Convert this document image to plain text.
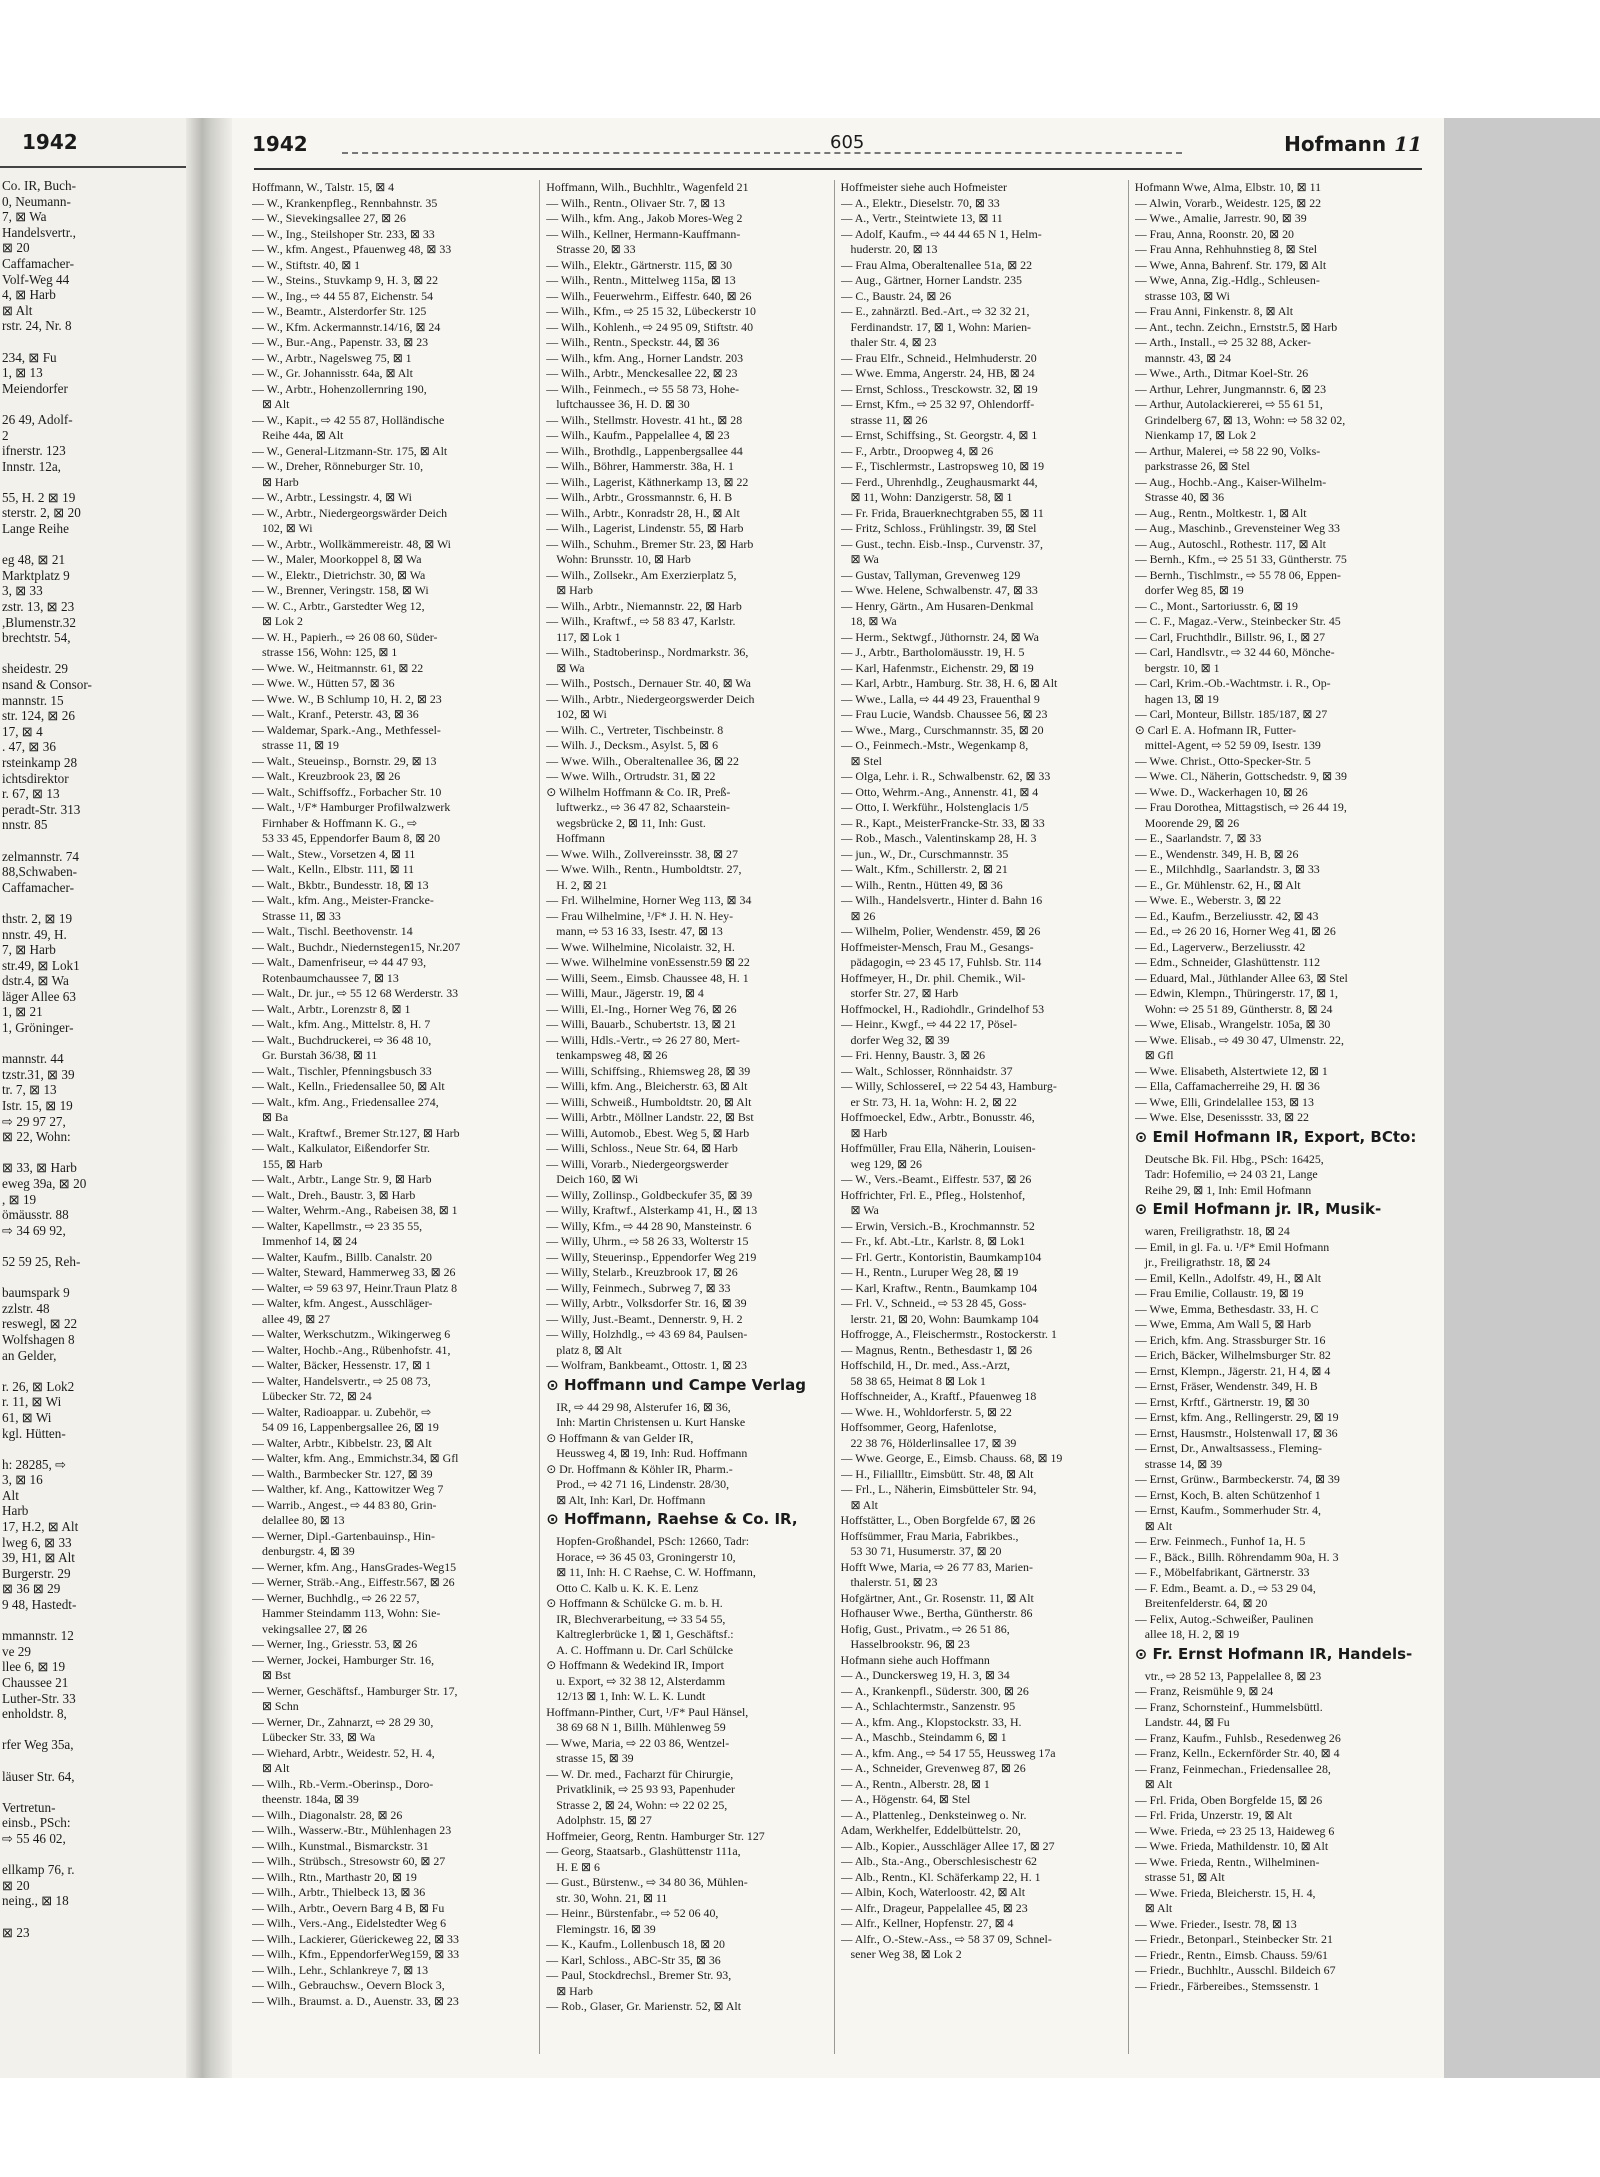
1942
Co. IR, Buch-
0, Neumann-
7, ⊠ Wa
Handelsvertr.,
⊠ 20
Caffamacher-
Volf-Weg 44
4, ⊠ Harb
⊠ Alt
rstr. 24, Nr. 8
234, ⊠ Fu
1, ⊠ 13
Meiendorfer
26 49, Adolf-
2
ifnerstr. 123
Innstr. 12a,
55, H. 2 ⊠ 19
sterstr. 2, ⊠ 20
Lange Reihe
eg 48, ⊠ 21
Marktplatz 9
3, ⊠ 33
zstr. 13, ⊠ 23
,Blumenstr.32
brechtstr. 54,
sheidestr. 29
nsand & Consor-
mannstr. 15
str. 124, ⊠ 26
17, ⊠ 4
. 47, ⊠ 36
rsteinkamp 28
ichtsdirektor
r. 67, ⊠ 13
peradt-Str. 313
nnstr. 85
zelmannstr. 74
88,Schwaben-
Caffamacher-
thstr. 2, ⊠ 19
nnstr. 49, H.
7, ⊠ Harb
str.49, ⊠ Lok1
dstr.4, ⊠ Wa
läger Allee 63
1, ⊠ 21
1, Gröninger-
mannstr. 44
tzstr.31, ⊠ 39
tr. 7, ⊠ 13
Istr. 15, ⊠ 19
⇨ 29 97 27,
⊠ 22, Wohn:
⊠ 33, ⊠ Harb
eweg 39a, ⊠ 20
, ⊠ 19
ömäusstr. 88
⇨ 34 69 92,
52 59 25, Reh-
baumspark 9
zzlstr. 48
reswegl, ⊠ 22
Wolfshagen 8
an Gelder,
r. 26, ⊠ Lok2
r. 11, ⊠ Wi
61, ⊠ Wi
kgl. Hütten-
h: 28285, ⇨
3, ⊠ 16
Alt
Harb
17, H.2, ⊠ Alt
lweg 6, ⊠ 33
39, H1, ⊠ Alt
Burgerstr. 29
⊠ 36 ⊠ 29
9 48, Hastedt-
mmannstr. 12
ve 29
llee 6, ⊠ 19
Chaussee 21
Luther-Str. 33
enholdstr. 8,
rfer Weg 35a,
läuser Str. 64,
Vertretun-
einsb., PSch:
⇨ 55 46 02,
ellkamp 76, r.
⊠ 20
neing., ⊠ 18
⊠ 23
1942	605	Hofmann 11
Hoffmann, W., Talstr. 15, ⊠ 4
— W., Krankenpfleg., Rennbahnstr. 35
— W., Sievekingsallee 27, ⊠ 26
— W., Ing., Steilshoper Str. 233, ⊠ 33
— W., kfm. Angest., Pfauenweg 48, ⊠ 33
— W., Stiftstr. 40, ⊠ 1
— W., Steins., Stuvkamp 9, H. 3, ⊠ 22
— W., Ing., ⇨ 44 55 87, Eichenstr. 54
— W., Beamtr., Alsterdorfer Str. 125
— W., Kfm. Ackermannstr.14/16, ⊠ 24
— W., Bur.-Ang., Papenstr. 33, ⊠ 23
— W., Arbtr., Nagelsweg 75, ⊠ 1
— W., Gr. Johannisstr. 64a, ⊠ Alt
— W., Arbtr., Hohenzollernring 190,
⊠ Alt
— W., Kapit., ⇨ 42 55 87, Holländische
Reihe 44a, ⊠ Alt
— W., General-Litzmann-Str. 175, ⊠ Alt
— W., Dreher, Rönneburger Str. 10,
⊠ Harb
— W., Arbtr., Lessingstr. 4, ⊠ Wi
— W., Arbtr., Niedergeorgswärder Deich
102, ⊠ Wi
— W., Arbtr., Wollkämmereistr. 48, ⊠ Wi
— W., Maler, Moorkoppel 8, ⊠ Wa
— W., Elektr., Dietrichstr. 30, ⊠ Wa
— W., Brenner, Veringstr. 158, ⊠ Wi
— W. C., Arbtr., Garstedter Weg 12,
⊠ Lok 2
— W. H., Papierh., ⇨ 26 08 60, Süder-
strasse 156, Wohn: 125, ⊠ 1
— Wwe. W., Heitmannstr. 61, ⊠ 22
— Wwe. W., Hütten 57, ⊠ 36
— Wwe. W., B Schlump 10, H. 2, ⊠ 23
— Walt., Kranf., Peterstr. 43, ⊠ 36
— Waldemar, Spark.-Ang., Methfessel-
strasse 11, ⊠ 19
— Walt., Steueinsp., Bornstr. 29, ⊠ 13
— Walt., Kreuzbrook 23, ⊠ 26
— Walt., Schiffsoffz., Forbacher Str. 10
— Walt., ¹/F* Hamburger Profilwalzwerk
Firnhaber & Hoffmann K. G., ⇨
53 33 45, Eppendorfer Baum 8, ⊠ 20
— Walt., Stew., Vorsetzen 4, ⊠ 11
— Walt., Kelln., Elbstr. 111, ⊠ 11
— Walt., Bkbtr., Bundesstr. 18, ⊠ 13
— Walt., kfm. Ang., Meister-Francke-
Strasse 11, ⊠ 33
— Walt., Tischl. Beethovenstr. 14
— Walt., Buchdr., Niedernstegen15, Nr.207
— Walt., Damenfriseur, ⇨ 44 47 93,
Rotenbaumchaussee 7, ⊠ 13
— Walt., Dr. jur., ⇨ 55 12 68 Werderstr. 33
— Walt., Arbtr., Lorenzstr 8, ⊠ 1
— Walt., kfm. Ang., Mittelstr. 8, H. 7
— Walt., Buchdruckerei, ⇨ 36 48 10,
Gr. Burstah 36/38, ⊠ 11
— Walt., Tischler, Pfenningsbusch 33
— Walt., Kelln., Friedensallee 50, ⊠ Alt
— Walt., kfm. Ang., Friedensallee 274,
⊠ Ba
— Walt., Kraftwf., Bremer Str.127, ⊠ Harb
— Walt., Kalkulator, Eißendorfer Str.
155, ⊠ Harb
— Walt., Arbtr., Lange Str. 9, ⊠ Harb
— Walt., Dreh., Baustr. 3, ⊠ Harb
— Walter, Wehrm.-Ang., Rabeisen 38, ⊠ 1
— Walter, Kapellmstr., ⇨ 23 35 55,
Immenhof 14, ⊠ 24
— Walter, Kaufm., Billb. Canalstr. 20
— Walter, Steward, Hammerweg 33, ⊠ 26
— Walter, ⇨ 59 63 97, Heinr.Traun Platz 8
— Walter, kfm. Angest., Ausschläger-
allee 49, ⊠ 27
— Walter, Werkschutzm., Wikingerweg 6
— Walter, Hochb.-Ang., Rübenhofstr. 41,
— Walter, Bäcker, Hessenstr. 17, ⊠ 1
— Walter, Handelsvertr., ⇨ 25 08 73,
Lübecker Str. 72, ⊠ 24
— Walter, Radioappar. u. Zubehör, ⇨
54 09 16, Lappenbergsallee 26, ⊠ 19
— Walter, Arbtr., Kibbelstr. 23, ⊠ Alt
— Walter, kfm. Ang., Emmichstr.34, ⊠ Gfl
— Walth., Barmbecker Str. 127, ⊠ 39
— Walther, kf. Ang., Kattowitzer Weg 7
— Warrib., Angest., ⇨ 44 83 80, Grin-
delallee 80, ⊠ 13
— Werner, Dipl.-Gartenbauinsp., Hin-
denburgstr. 4, ⊠ 39
— Werner, kfm. Ang., HansGrades-Weg15
— Werner, Sträb.-Ang., Eiffestr.567, ⊠ 26
— Werner, Buchhdlg., ⇨ 26 22 57,
Hammer Steindamm 113, Wohn: Sie-
vekingsallee 27, ⊠ 26
— Werner, Ing., Griesstr. 53, ⊠ 26
— Werner, Jockei, Hamburger Str. 16,
⊠ Bst
— Werner, Geschäftsf., Hamburger Str. 17,
⊠ Schn
— Werner, Dr., Zahnarzt, ⇨ 28 29 30,
Lübecker Str. 33, ⊠ Wa
— Wiehard, Arbtr., Weidestr. 52, H. 4,
⊠ Alt
— Wilh., Rb.-Verm.-Oberinsp., Doro-
theenstr. 184a, ⊠ 39
— Wilh., Diagonalstr. 28, ⊠ 26
— Wilh., Wasserw.-Btr., Mühlenhagen 23
— Wilh., Kunstmal., Bismarckstr. 31
— Wilh., Strübsch., Stresowstr 60, ⊠ 27
— Wilh., Rtn., Marthastr 20, ⊠ 19
— Wilh., Arbtr., Thielbeck 13, ⊠ 36
— Wilh., Arbtr., Oevern Barg 4 B, ⊠ Fu
— Wilh., Vers.-Ang., Eidelstedter Weg 6
— Wilh., Lackierer, Güerickeweg 22, ⊠ 33
— Wilh., Kfm., EppendorferWeg159, ⊠ 33
— Wilh., Lehr., Schlankreye 7, ⊠ 13
— Wilh., Gebrauchsw., Oevern Block 3,
— Wilh., Braumst. a. D., Auenstr. 33, ⊠ 23
Hoffmann, Wilh., Buchhltr., Wagenfeld 21
— Wilh., Rentn., Olivaer Str. 7, ⊠ 13
— Wilh., kfm. Ang., Jakob Mores-Weg 2
— Wilh., Kellner, Hermann-Kauffmann-
Strasse 20, ⊠ 33
— Wilh., Elektr., Gärtnerstr. 115, ⊠ 30
— Wilh., Rentn., Mittelweg 115a, ⊠ 13
— Wilh., Feuerwehrm., Eiffestr. 640, ⊠ 26
— Wilh., Kfm., ⇨ 25 15 32, Lübeckerstr 10
— Wilh., Kohlenh., ⇨ 24 95 09, Stiftstr. 40
— Wilh., Rentn., Speckstr. 44, ⊠ 36
— Wilh., kfm. Ang., Horner Landstr. 203
— Wilh., Arbtr., Menckesallee 22, ⊠ 23
— Wilh., Feinmech., ⇨ 55 58 73, Hohe-
luftchaussee 36, H. D. ⊠ 30
— Wilh., Stellmstr. Hovestr. 41 ht., ⊠ 28
— Wilh., Kaufm., Pappelallee 4, ⊠ 23
— Wilh., Brothdlg., Lappenbergsallee 44
— Wilh., Böhrer, Hammerstr. 38a, H. 1
— Wilh., Lagerist, Käthnerkamp 13, ⊠ 22
— Wilh., Arbtr., Grossmannstr. 6, H. B
— Wilh., Arbtr., Konradstr 28, H., ⊠ Alt
— Wilh., Lagerist, Lindenstr. 55, ⊠ Harb
— Wilh., Schuhm., Bremer Str. 23, ⊠ Harb
Wohn: Brunsstr. 10, ⊠ Harb
— Wilh., Zollsekr., Am Exerzierplatz 5,
⊠ Harb
— Wilh., Arbtr., Niemannstr. 22, ⊠ Harb
— Wilh., Kraftwf., ⇨ 58 83 47, Karlstr.
117, ⊠ Lok 1
— Wilh., Stadtoberinsp., Nordmarkstr. 36,
⊠ Wa
— Wilh., Postsch., Dernauer Str. 40, ⊠ Wa
— Wilh., Arbtr., Niedergeorgswerder Deich
102, ⊠ Wi
— Wilh. C., Vertreter, Tischbeinstr. 8
— Wilh. J., Decksm., Asylst. 5, ⊠ 6
— Wwe. Wilh., Oberaltenallee 36, ⊠ 22
— Wwe. Wilh., Ortrudstr. 31, ⊠ 22
⊙ Wilhelm Hoffmann & Co. IR, Preß-
luftwerkz., ⇨ 36 47 82, Schaarstein-
wegsbrücke 2, ⊠ 11, Inh: Gust.
Hoffmann
— Wwe. Wilh., Zollvereinsstr. 38, ⊠ 27
— Wwe. Wilh., Rentn., Humboldtstr. 27,
H. 2, ⊠ 21
— Frl. Wilhelmine, Horner Weg 113, ⊠ 34
— Frau Wilhelmine, ¹/F* J. H. N. Hey-
mann, ⇨ 53 16 33, Isestr. 47, ⊠ 13
— Wwe. Wilhelmine, Nicolaistr. 32, H.
— Wwe. Wilhelmine vonEssenstr.59 ⊠ 22
— Willi, Seem., Eimsb. Chaussee 48, H. 1
— Willi, Maur., Jägerstr. 19, ⊠ 4
— Willi, El.-Ing., Horner Weg 76, ⊠ 26
— Willi, Bauarb., Schubertstr. 13, ⊠ 21
— Willi, Hdls.-Vertr., ⇨ 26 27 80, Mert-
tenkampsweg 48, ⊠ 26
— Willi, Schiffsing., Rhiemsweg 28, ⊠ 39
— Willi, kfm. Ang., Bleicherstr. 63, ⊠ Alt
— Willi, Schweiß., Humboldtstr. 20, ⊠ Alt
— Willi, Arbtr., Möllner Landstr. 22, ⊠ Bst
— Willi, Automob., Ebest. Weg 5, ⊠ Harb
— Willi, Schloss., Neue Str. 64, ⊠ Harb
— Willi, Vorarb., Niedergeorgswerder
Deich 160, ⊠ Wi
— Willy, Zollinsp., Goldbeckufer 35, ⊠ 39
— Willy, Kraftwf., Alsterkamp 41, H., ⊠ 13
— Willy, Kfm., ⇨ 44 28 90, Mansteinstr. 6
— Willy, Uhrm., ⇨ 58 26 33, Wolterstr 15
— Willy, Steuerinsp., Eppendorfer Weg 219
— Willy, Stelarb., Kreuzbrook 17, ⊠ 26
— Willy, Feinmech., Subrweg 7, ⊠ 33
— Willy, Arbtr., Volksdorfer Str. 16, ⊠ 39
— Willy, Just.-Beamt., Dennerstr. 9, H. 2
— Willy, Holzhdlg., ⇨ 43 69 84, Paulsen-
platz 8, ⊠ Alt
— Wolfram, Bankbeamt., Ottostr. 1, ⊠ 23
⊙ Hoffmann und Campe Verlag
IR, ⇨ 44 29 98, Alsterufer 16, ⊠ 36,
Inh: Martin Christensen u. Kurt Hanske
⊙ Hoffmann & van Gelder IR,
Heussweg 4, ⊠ 19, Inh: Rud. Hoffmann
⊙ Dr. Hoffmann & Köhler IR, Pharm.-
Prod., ⇨ 42 71 16, Lindenstr. 28/30,
⊠ Alt, Inh: Karl, Dr. Hoffmann
⊙ Hoffmann, Raehse & Co. IR,
Hopfen-Großhandel, PSch: 12660, Tadr:
Horace, ⇨ 36 45 03, Groningerstr 10,
⊠ 11, Inh: H. C Raehse, C. W. Hoffmann,
Otto C. Kalb u. K. K. E. Lenz
⊙ Hoffmann & Schülcke G. m. b. H.
IR, Blechverarbeitung, ⇨ 33 54 55,
Kaltreglerbrücke 1, ⊠ 1, Geschäftsf.:
A. C. Hoffmann u. Dr. Carl Schülcke
⊙ Hoffmann & Wedekind IR, Import
u. Export, ⇨ 32 38 12, Alsterdamm
12/13 ⊠ 1, Inh: W. L. K. Lundt
Hoffmann-Pinther, Curt, ¹/F* Paul Hänsel,
38 69 68 N 1, Billh. Mühlenweg 59
— Wwe, Maria, ⇨ 22 03 86, Wentzel-
strasse 15, ⊠ 39
— W. Dr. med., Facharzt für Chirurgie,
Privatklinik, ⇨ 25 93 93, Papenhuder
Strasse 2, ⊠ 24, Wohn: ⇨ 22 02 25,
Adolphstr. 15, ⊠ 27
Hoffmeier, Georg, Rentn. Hamburger Str. 127
— Georg, Staatsarb., Glashüttenstr 111a,
H. E ⊠ 6
— Gust., Bürstenw., ⇨ 34 80 36, Mühlen-
str. 30, Wohn. 21, ⊠ 11
— Heinr., Bürstenfabr., ⇨ 52 06 40,
Flemingstr. 16, ⊠ 39
— K., Kaufm., Lollenbusch 18, ⊠ 20
— Karl, Schloss., ABC-Str 35, ⊠ 36
— Paul, Stockdrechsl., Bremer Str. 93,
⊠ Harb
— Rob., Glaser, Gr. Marienstr. 52, ⊠ Alt
Hoffmeister siehe auch Hofmeister
— A., Elektr., Dieselstr. 70, ⊠ 33
— A., Vertr., Steintwiete 13, ⊠ 11
— Adolf, Kaufm., ⇨ 44 44 65 N 1, Helm-
huderstr. 20, ⊠ 13
— Frau Alma, Oberaltenallee 51a, ⊠ 22
— Aug., Gärtner, Horner Landstr. 235
— C., Baustr. 24, ⊠ 26
— E., zahnärztl. Bed.-Art., ⇨ 32 32 21,
Ferdinandstr. 17, ⊠ 1, Wohn: Marien-
thaler Str. 4, ⊠ 23
— Frau Elfr., Schneid., Helmhuderstr. 20
— Wwe. Emma, Angerstr. 24, HB, ⊠ 24
— Ernst, Schloss., Tresckowstr. 32, ⊠ 19
— Ernst, Kfm., ⇨ 25 32 97, Ohlendorff-
strasse 11, ⊠ 26
— Ernst, Schiffsing., St. Georgstr. 4, ⊠ 1
— F., Arbtr., Droopweg 4, ⊠ 26
— F., Tischlermstr., Lastropsweg 10, ⊠ 19
— Ferd., Uhrenhdlg., Zeughausmarkt 44,
⊠ 11, Wohn: Danzigerstr. 58, ⊠ 1
— Fr. Frida, Brauerknechtgraben 55, ⊠ 11
— Fritz, Schloss., Frühlingstr. 39, ⊠ Stel
— Gust., techn. Eisb.-Insp., Curvenstr. 37,
⊠ Wa
— Gustav, Tallyman, Grevenweg 129
— Wwe. Helene, Schwalbenstr. 47, ⊠ 33
— Henry, Gärtn., Am Husaren-Denkmal
18, ⊠ Wa
— Herm., Sektwgf., Jüthornstr. 24, ⊠ Wa
— J., Arbtr., Bartholomäusstr. 19, H. 5
— Karl, Hafenmstr., Eichenstr. 29, ⊠ 19
— Karl, Arbtr., Hamburg. Str. 38, H. 6, ⊠ Alt
— Wwe., Lalla, ⇨ 44 49 23, Frauenthal 9
— Frau Lucie, Wandsb. Chaussee 56, ⊠ 23
— Wwe., Marg., Curschmannstr. 35, ⊠ 20
— O., Feinmech.-Mstr., Wegenkamp 8,
⊠ Stel
— Olga, Lehr. i. R., Schwalbenstr. 62, ⊠ 33
— Otto, Wehrm.-Ang., Annenstr. 41, ⊠ 4
— Otto, I. Werkführ., Holstenglacis 1/5
— R., Kapt., MeisterFrancke-Str. 33, ⊠ 33
— Rob., Masch., Valentinskamp 28, H. 3
— jun., W., Dr., Curschmannstr. 35
— Walt., Kfm., Schillerstr. 2, ⊠ 21
— Wilh., Rentn., Hütten 49, ⊠ 36
— Wilh., Handelsvertr., Hinter d. Bahn 16
⊠ 26
— Wilhelm, Polier, Wendenstr. 459, ⊠ 26
Hoffmeister-Mensch, Frau M., Gesangs-
pädagogin, ⇨ 23 45 17, Fuhlsb. Str. 114
Hoffmeyer, H., Dr. phil. Chemik., Wil-
storfer Str. 27, ⊠ Harb
Hoffmockel, H., Radiohdlr., Grindelhof 53
— Heinr., Kwgf., ⇨ 44 22 17, Pösel-
dorfer Weg 32, ⊠ 39
— Fri. Henny, Baustr. 3, ⊠ 26
— Walt., Schlosser, Rönnhaidstr. 37
— Willy, SchlossereI, ⇨ 22 54 43, Hamburg-
er Str. 73, H. 1a, Wohn: H. 2, ⊠ 22
Hoffmoeckel, Edw., Arbtr., Bonusstr. 46,
⊠ Harb
Hoffmüller, Frau Ella, Näherin, Louisen-
weg 129, ⊠ 26
— W., Vers.-Beamt., Eiffestr. 537, ⊠ 26
Hoffrichter, Frl. E., Pfleg., Holstenhof,
⊠ Wa
— Erwin, Versich.-B., Krochmannstr. 52
— Fr., kf. Abt.-Ltr., Karlstr. 8, ⊠ Lok1
— Frl. Gertr., Kontoristin, Baumkamp104
— H., Rentn., Luruper Weg 28, ⊠ 19
— Karl, Kraftw., Rentn., Baumkamp 104
— Frl. V., Schneid., ⇨ 53 28 45, Goss-
lerstr. 21, ⊠ 20, Wohn: Baumkamp 104
Hoffrogge, A., Fleischermstr., Rostockerstr. 1
— Magnus, Rentn., Bethesdastr 1, ⊠ 26
Hoffschild, H., Dr. med., Ass.-Arzt,
58 38 65, Heimat 8 ⊠ Lok 1
Hoffschneider, A., Kraftf., Pfauenweg 18
— Wwe. H., Wohldorferstr. 5, ⊠ 22
Hoffsommer, Georg, Hafenlotse,
22 38 76, Hölderlinsallee 17, ⊠ 39
— Wwe. George, E., Eimsb. Chauss. 68, ⊠ 19
— H., Filiallltr., Eimsbütt. Str. 48, ⊠ Alt
— Frl., L., Näherin, Eimsbütteler Str. 94,
⊠ Alt
Hoffstätter, L., Oben Borgfelde 67, ⊠ 26
Hoffsümmer, Frau Maria, Fabrikbes.,
53 30 71, Husumerstr. 37, ⊠ 20
Hofft Wwe, Maria, ⇨ 26 77 83, Marien-
thalerstr. 51, ⊠ 23
Hofgärtner, Ant., Gr. Rosenstr. 11, ⊠ Alt
Hofhauser Wwe., Bertha, Güntherstr. 86
Hofig, Gust., Privatm., ⇨ 26 51 86,
Hasselbrookstr. 96, ⊠ 23
Hofmann siehe auch Hoffmann
— A., Dunckersweg 19, H. 3, ⊠ 34
— A., Krankenpfl., Süderstr. 300, ⊠ 26
— A., Schlachtermstr., Sanzenstr. 95
— A., kfm. Ang., Klopstockstr. 33, H.
— A., Maschb., Steindamm 6, ⊠ 1
— A., kfm. Ang., ⇨ 54 17 55, Heussweg 17a
— A., Schneider, Grevenweg 87, ⊠ 26
— A., Rentn., Alberstr. 28, ⊠ 1
— A., Högenstr. 64, ⊠ Stel
— A., Plattenleg., Denksteinweg o. Nr.
Adam, Werkhelfer, Eddelbüttelstr. 20,
— Alb., Kopier., Ausschläger Allee 17, ⊠ 27
— Alb., Sta.-Ang., Oberschlesischestr 62
— Alb., Rentn., Kl. Schäferkamp 22, H. 1
— Albin, Koch, Waterloostr. 42, ⊠ Alt
— Alfr., Drageur, Pappelallee 45, ⊠ 23
— Alfr., Kellner, Hopfenstr. 27, ⊠ 4
— Alfr., O.-Stew.-Ass., ⇨ 58 37 09, Schnel-
sener Weg 38, ⊠ Lok 2
Hofmann Wwe, Alma, Elbstr. 10, ⊠ 11
— Alwin, Vorarb., Weidestr. 125, ⊠ 22
— Wwe., Amalie, Jarrestr. 90, ⊠ 39
— Frau, Anna, Roonstr. 20, ⊠ 20
— Frau Anna, Rehhuhnstieg 8, ⊠ Stel
— Wwe, Anna, Bahrenf. Str. 179, ⊠ Alt
— Wwe, Anna, Zig.-Hdlg., Schleusen-
strasse 103, ⊠ Wi
— Frau Anni, Finkenstr. 8, ⊠ Alt
— Ant., techn. Zeichn., Ernststr.5, ⊠ Harb
— Arth., Install., ⇨ 25 32 88, Acker-
mannstr. 43, ⊠ 24
— Wwe., Arth., Ditmar Koel-Str. 26
— Arthur, Lehrer, Jungmannstr. 6, ⊠ 23
— Arthur, Autolackiererei, ⇨ 55 61 51,
Grindelberg 67, ⊠ 13, Wohn: ⇨ 58 32 02,
Nienkamp 17, ⊠ Lok 2
— Arthur, Malerei, ⇨ 58 22 90, Volks-
parkstrasse 26, ⊠ Stel
— Aug., Hochb.-Ang., Kaiser-Wilhelm-
Strasse 40, ⊠ 36
— Aug., Rentn., Moltkestr. 1, ⊠ Alt
— Aug., Maschinb., Grevensteiner Weg 33
— Aug., Autoschl., Rothestr. 117, ⊠ Alt
— Bernh., Kfm., ⇨ 25 51 33, Güntherstr. 75
— Bernh., Tischlmstr., ⇨ 55 78 06, Eppen-
dorfer Weg 85, ⊠ 19
— C., Mont., Sartoriusstr. 6, ⊠ 19
— C. F., Magaz.-Verw., Steinbecker Str. 45
— Carl, Fruchthdlr., Billstr. 96, I., ⊠ 27
— Carl, Handlsvtr., ⇨ 32 44 60, Mönche-
bergstr. 10, ⊠ 1
— Carl, Krim.-Ob.-Wachtmstr. i. R., Op-
hagen 13, ⊠ 19
— Carl, Monteur, Billstr. 185/187, ⊠ 27
⊙ Carl E. A. Hofmann IR, Futter-
mittel-Agent, ⇨ 52 59 09, Isestr. 139
— Wwe. Christ., Otto-Specker-Str. 5
— Wwe. Cl., Näherin, Gottschedstr. 9, ⊠ 39
— Wwe. D., Wackerhagen 10, ⊠ 26
— Frau Dorothea, Mittagstisch, ⇨ 26 44 19,
Moorende 29, ⊠ 26
— E., Saarlandstr. 7, ⊠ 33
— E., Wendenstr. 349, H. B, ⊠ 26
— E., Milchhdlg., Saarlandstr. 3, ⊠ 33
— E., Gr. Mühlenstr. 62, H., ⊠ Alt
— Wwe. E., Weberstr. 3, ⊠ 22
— Ed., Kaufm., Berzeliusstr. 42, ⊠ 43
— Ed., ⇨ 26 20 16, Horner Weg 41, ⊠ 26
— Ed., Lagerverw., Berzeliusstr. 42
— Edm., Schneider, Glashüttenstr. 112
— Eduard, Mal., Jüthlander Allee 63, ⊠ Stel
— Edwin, Klempn., Thüringerstr. 17, ⊠ 1,
Wohn: ⇨ 25 51 89, Güntherstr. 8, ⊠ 24
— Wwe, Elisab., Wrangelstr. 105a, ⊠ 30
— Wwe. Elisab., ⇨ 49 30 47, Ulmenstr. 22,
⊠ Gfl
— Wwe. Elisabeth, Alstertwiete 12, ⊠ 1
— Ella, Caffamacherreihe 29, H. ⊠ 36
— Wwe, Elli, Grindelallee 153, ⊠ 13
— Wwe. Else, Desenissstr. 33, ⊠ 22
⊙ Emil Hofmann IR, Export, BCto:
Deutsche Bk. Fil. Hbg., PSch: 16425,
Tadr: Hofemilio, ⇨ 24 03 21, Lange
Reihe 29, ⊠ 1, Inh: Emil Hofmann
⊙ Emil Hofmann jr. IR, Musik-
waren, Freiligrathstr. 18, ⊠ 24
— Emil, in gl. Fa. u. ¹/F* Emil Hofmann
jr., Freiligrathstr. 18, ⊠ 24
— Emil, Kelln., Adolfstr. 49, H., ⊠ Alt
— Frau Emilie, Collaustr. 19, ⊠ 19
— Wwe, Emma, Bethesdastr. 33, H. C
— Wwe, Emma, Am Wall 5, ⊠ Harb
— Erich, kfm. Ang. Strassburger Str. 16
— Erich, Bäcker, Wilhelmsburger Str. 82
— Ernst, Klempn., Jägerstr. 21, H 4, ⊠ 4
— Ernst, Fräser, Wendenstr. 349, H. B
— Ernst, Krftf., Gärtnerstr. 19, ⊠ 30
— Ernst, kfm. Ang., Rellingerstr. 29, ⊠ 19
— Ernst, Hausmstr., Holstenwall 17, ⊠ 36
— Ernst, Dr., Anwaltsassess., Fleming-
strasse 14, ⊠ 39
— Ernst, Grünw., Barmbeckerstr. 74, ⊠ 39
— Ernst, Koch, B. alten Schützenhof 1
— Ernst, Kaufm., Sommerhuder Str. 4,
⊠ Alt
— Erw. Feinmech., Funhof 1a, H. 5
— F., Bäck., Billh. Röhrendamm 90a, H. 3
— F., Möbelfabrikant, Gärtnerstr. 33
— F. Edm., Beamt. a. D., ⇨ 53 29 04,
Breitenfelderstr. 64, ⊠ 20
— Felix, Autog.-Schweißer, Paulinen
allee 18, H. 2, ⊠ 19
⊙ Fr. Ernst Hofmann IR, Handels-
vtr., ⇨ 28 52 13, Pappelallee 8, ⊠ 23
— Franz, Reismühle 9, ⊠ 24
— Franz, Schornsteinf., Hummelsbüttl.
Landstr. 44, ⊠ Fu
— Franz, Kaufm., Fuhlsb., Resedenweg 26
— Franz, Kelln., Eckernförder Str. 40, ⊠ 4
— Franz, Feinmechan., Friedensallee 28,
⊠ Alt
— Frl. Frida, Oben Borgfelde 15, ⊠ 26
— Frl. Frida, Unzerstr. 19, ⊠ Alt
— Wwe. Frieda, ⇨ 23 25 13, Haideweg 6
— Wwe. Frieda, Mathildenstr. 10, ⊠ Alt
— Wwe. Frieda, Rentn., Wilhelminen-
strasse 51, ⊠ Alt
— Wwe. Frieda, Bleicherstr. 15, H. 4,
⊠ Alt
— Wwe. Frieder., Isestr. 78, ⊠ 13
— Friedr., Betonparl., Steinbecker Str. 21
— Friedr., Rentn., Eimsb. Chauss. 59/61
— Friedr., Buchhltr., Ausschl. Bildeich 67
— Friedr., Färbereibes., Stemssenstr. 1
